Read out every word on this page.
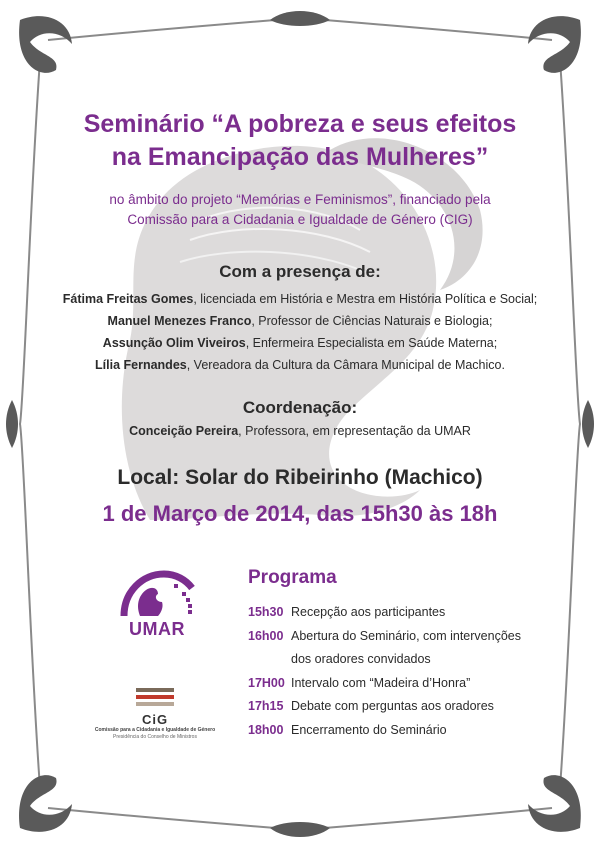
Seminário “A pobreza e seus efeitos
na Emancipação das Mulheres”
no âmbito do projeto “Memórias e Feminismos”, financiado pela
Comissão para a Cidadania e Igualdade de Género (CIG)
Com a presença de:
Fátima Freitas Gomes, licenciada em História e Mestra em História Política e Social;
Manuel Menezes Franco, Professor de Ciências Naturais e Biologia;
Assunção Olim Viveiros, Enfermeira Especialista em Saúde Materna;
Lília Fernandes, Vereadora da Cultura da Câmara Municipal de Machico.
Coordenação:
Conceição Pereira, Professora, em representação da UMAR
Local: Solar do Ribeirinho (Machico)
1 de Março de 2014, das 15h30 às 18h
UMAR
CiG
Comissão para a Cidadania e Igualdade de Género
Presidência do Conselho de Ministros
Programa
15h30 Recepção aos participantes
16h00 Abertura do Seminário, com intervenções
dos oradores convidados
17H00 Intervalo com “Madeira d’Honra”
17h15 Debate com perguntas aos oradores
18h00 Encerramento do Seminário
